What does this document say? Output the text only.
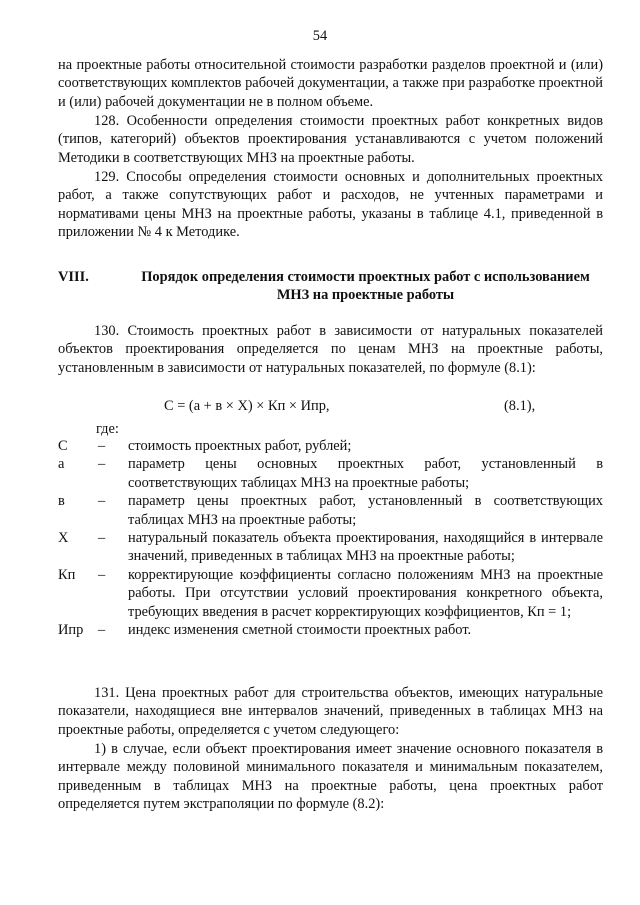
54
на проектные работы относительной стоимости разработки разделов проектной и (или) соответствующих комплектов рабочей документации, а также при разработке проектной и (или) рабочей документации не в полном объеме.
128. Особенности определения стоимости проектных работ конкретных видов (типов, категорий) объектов проектирования устанавливаются с учетом положений Методики в соответствующих МНЗ на проектные работы.
129. Способы определения стоимости основных и дополнительных проектных работ, а также сопутствующих работ и расходов, не учтенных параметрами и нормативами цены МНЗ на проектные работы, указаны в таблице 4.1, приведенной в приложении № 4 к Методике.
VIII.	Порядок определения стоимости проектных работ с использованием
МНЗ на проектные работы
130. Стоимость проектных работ в зависимости от натуральных показателей объектов проектирования определяется по ценам МНЗ на проектные работы, установленным в зависимости от натуральных показателей, по формуле (8.1):
С = (а + в × Х) × Кп × Ипр,	(8.1),
где:
С – стоимость проектных работ, рублей;
а – параметр цены основных проектных работ, установленный в соответствующих таблицах МНЗ на проектные работы;
в – параметр цены проектных работ, установленный в соответствующих таблицах МНЗ на проектные работы;
Х – натуральный показатель объекта проектирования, находящийся в интервале значений, приведенных в таблицах МНЗ на проектные работы;
Кп – корректирующие коэффициенты согласно положениям МНЗ на проектные работы. При отсутствии условий проектирования конкретного объекта, требующих введения в расчет корректирующих коэффициентов, Кп = 1;
Ипр – индекс изменения сметной стоимости проектных работ.
131. Цена проектных работ для строительства объектов, имеющих натуральные показатели, находящиеся вне интервалов значений, приведенных в таблицах МНЗ на проектные работы, определяется с учетом следующего:
1) в случае, если объект проектирования имеет значение основного показателя в интервале между половиной минимального показателя и минимальным показателем, приведенным в таблицах МНЗ на проектные работы, цена проектных работ определяется путем экстраполяции по формуле (8.2):
